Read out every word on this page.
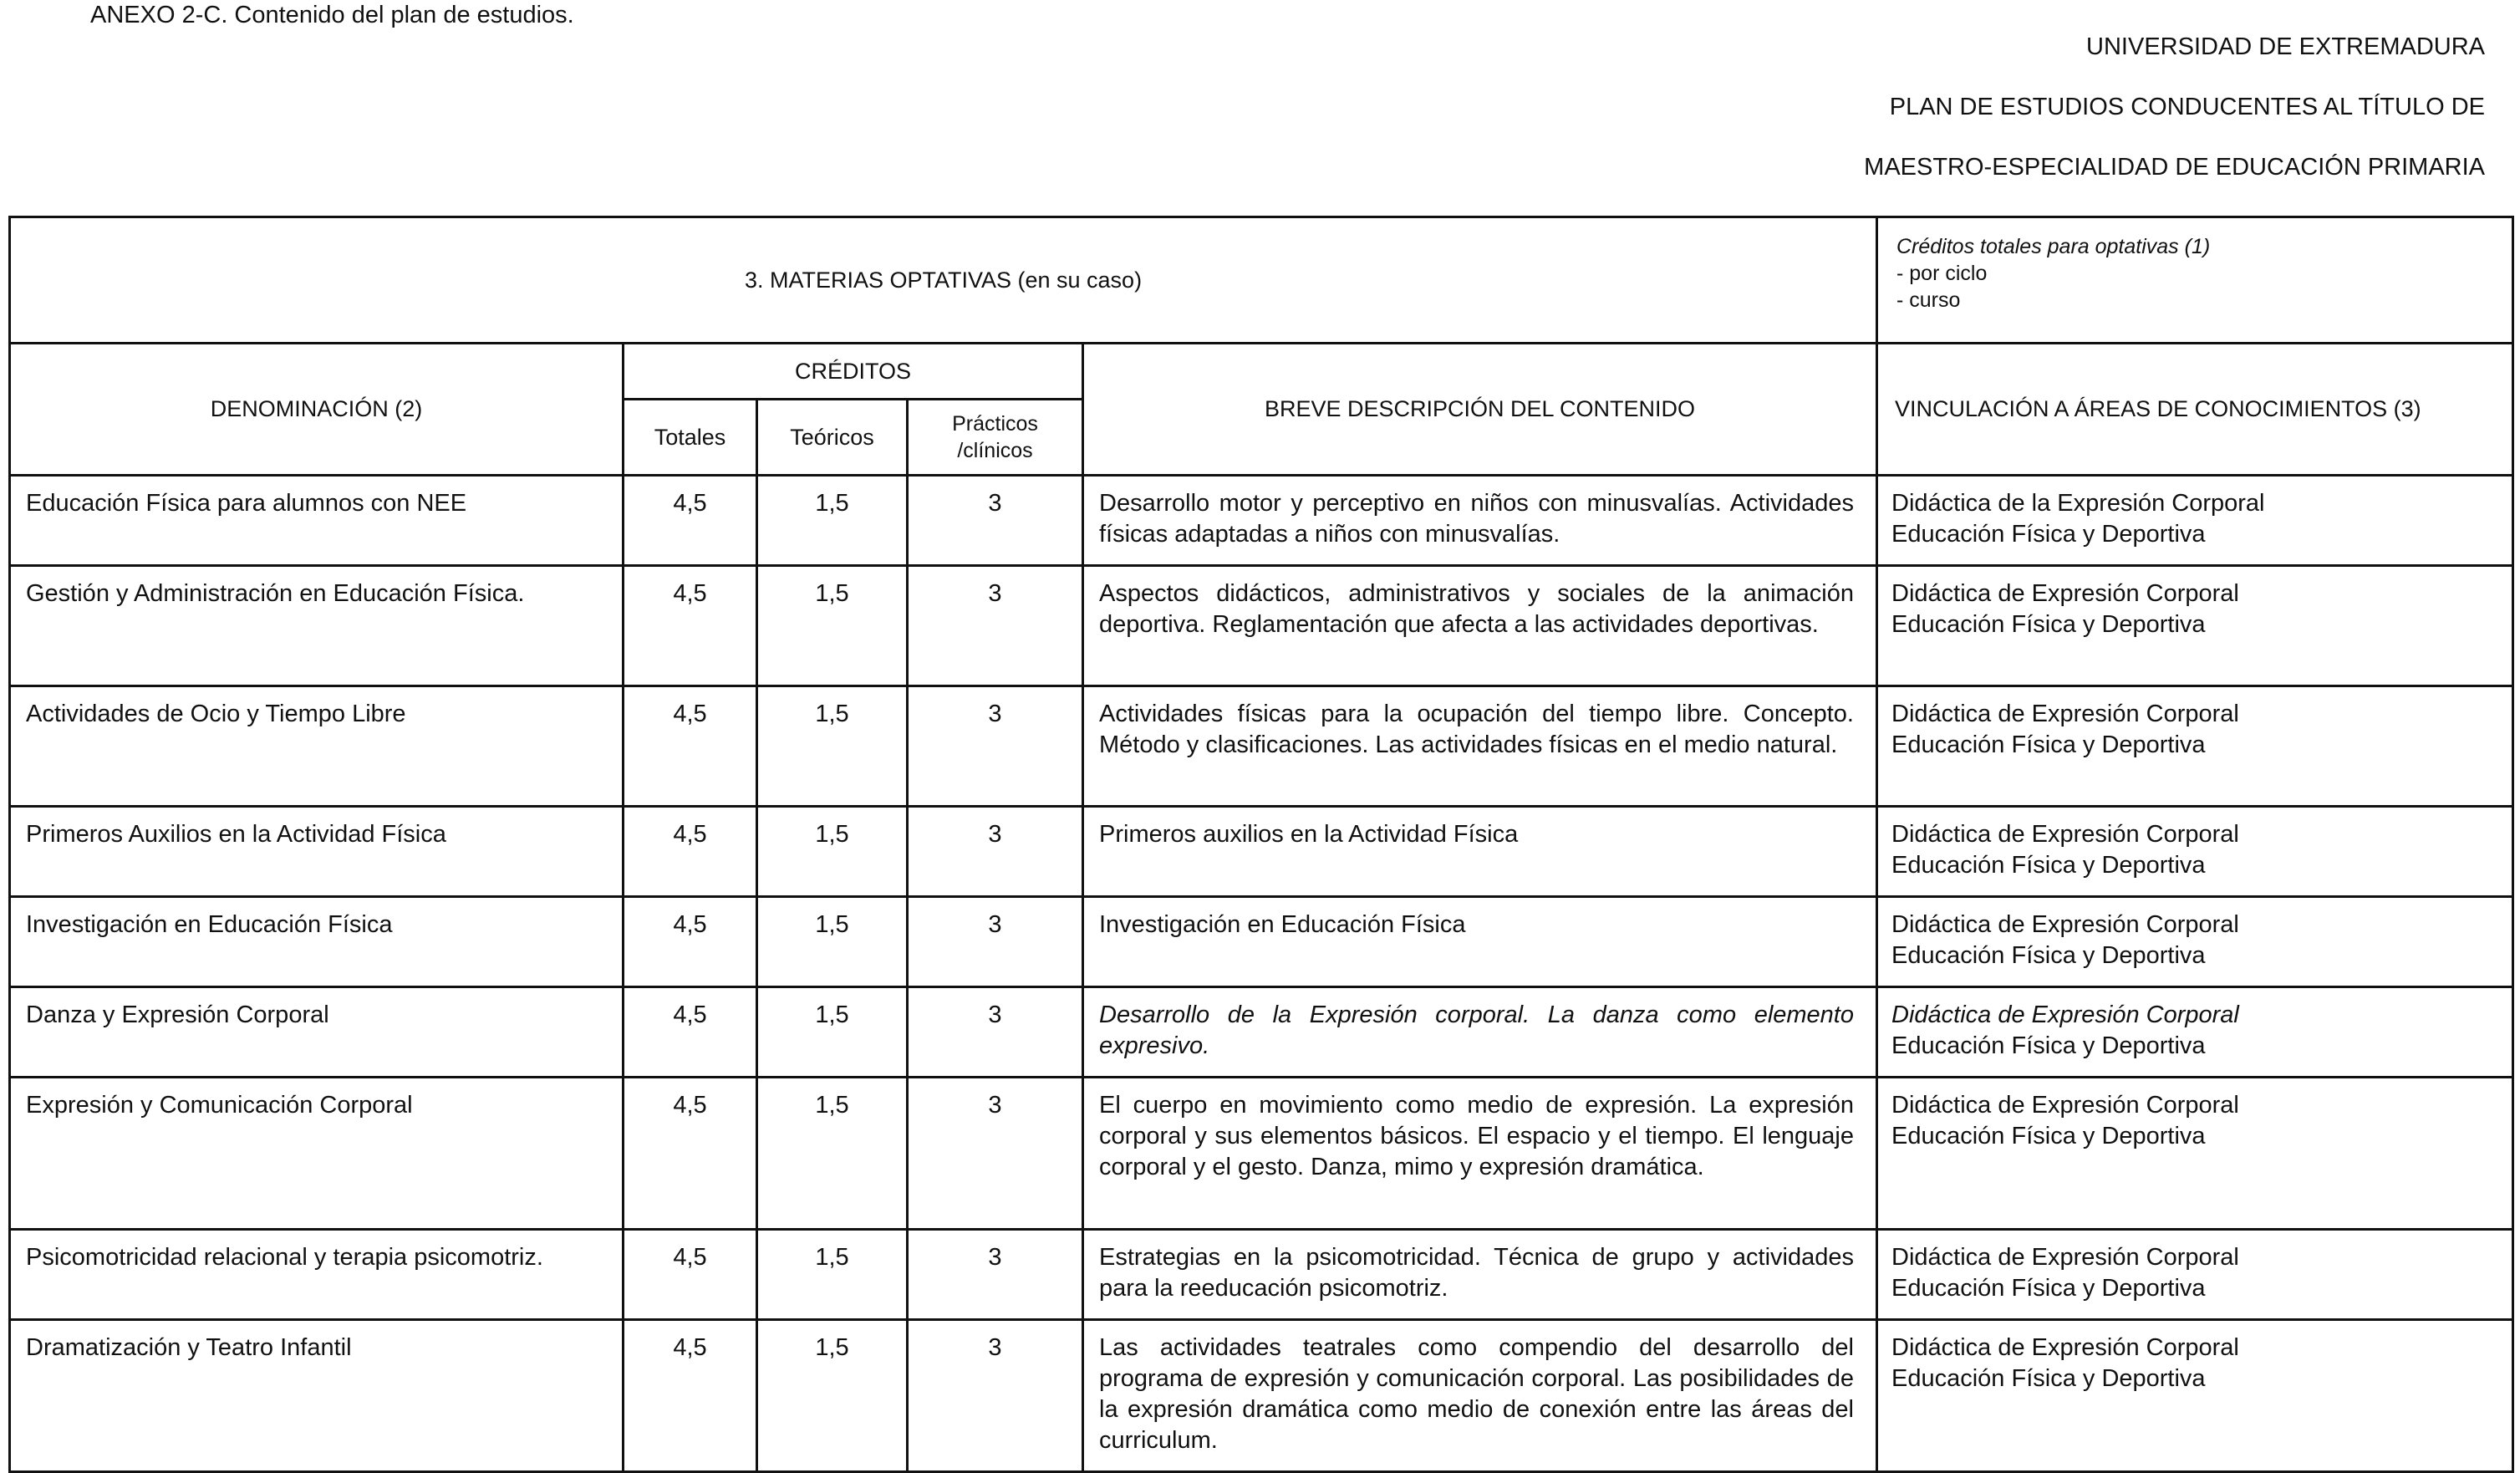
ANEXO 2-C. Contenido del plan de estudios.
UNIVERSIDAD DE EXTREMADURA
PLAN DE ESTUDIOS CONDUCENTES AL TÍTULO DE
MAESTRO-ESPECIALIDAD DE EDUCACIÓN PRIMARIA
3. MATERIAS OPTATIVAS (en su caso)					Créditos totales para optativas (1)
- por ciclo
- curso

DENOMINACIÓN (2)	CRÉDITOS			BREVE DESCRIPCIÓN DEL CONTENIDO	VINCULACIÓN A ÁREAS DE CONOCIMIENTOS (3)
	Totales	Teóricos	Prácticos
/clínicos		

Educación Física para alumnos con NEE	4,5	1,5	3	Desarrollo motor y perceptivo en niños con minusvalías. Actividades físicas adaptadas a niños con minusvalías.	Didáctica de la Expresión Corporal
Educación Física y Deportiva

Gestión y Administración en Educación Física.	4,5	1,5	3	Aspectos didácticos, administrativos y sociales de la animación deportiva. Reglamentación que afecta a las actividades deportivas.	Didáctica de Expresión Corporal
Educación Física y Deportiva

Actividades de Ocio y Tiempo Libre	4,5	1,5	3	Actividades físicas para la ocupación del tiempo libre. Concepto. Método y clasificaciones. Las actividades físicas en el medio natural.	Didáctica de Expresión Corporal
Educación Física y Deportiva

Primeros Auxilios en la Actividad Física	4,5	1,5	3	Primeros auxilios en la Actividad Física	Didáctica de Expresión Corporal
Educación Física y Deportiva

Investigación en Educación Física	4,5	1,5	3	Investigación en Educación Física	Didáctica de Expresión Corporal
Educación Física y Deportiva

Danza y Expresión Corporal	4,5	1,5	3	Desarrollo de la Expresión corporal. La danza como elemento expresivo.	Didáctica de Expresión Corporal
Educación Física y Deportiva

Expresión y Comunicación Corporal	4,5	1,5	3	El cuerpo en movimiento como medio de expresión. La expresión corporal y sus elementos básicos. El espacio y el tiempo. El lenguaje corporal y el gesto. Danza, mimo y expresión dramática.	Didáctica de Expresión Corporal
Educación Física y Deportiva

Psicomotricidad relacional y terapia psicomotriz.	4,5	1,5	3	Estrategias en la psicomotricidad. Técnica de grupo y actividades para la reeducación psicomotriz.	Didáctica de Expresión Corporal
Educación Física y Deportiva

Dramatización y Teatro Infantil	4,5	1,5	3	Las actividades teatrales como compendio del desarrollo del programa de expresión y comunicación corporal. Las posibilidades de la expresión dramática como medio de conexión entre las áreas del curriculum.	Didáctica de Expresión Corporal
Educación Física y Deportiva
